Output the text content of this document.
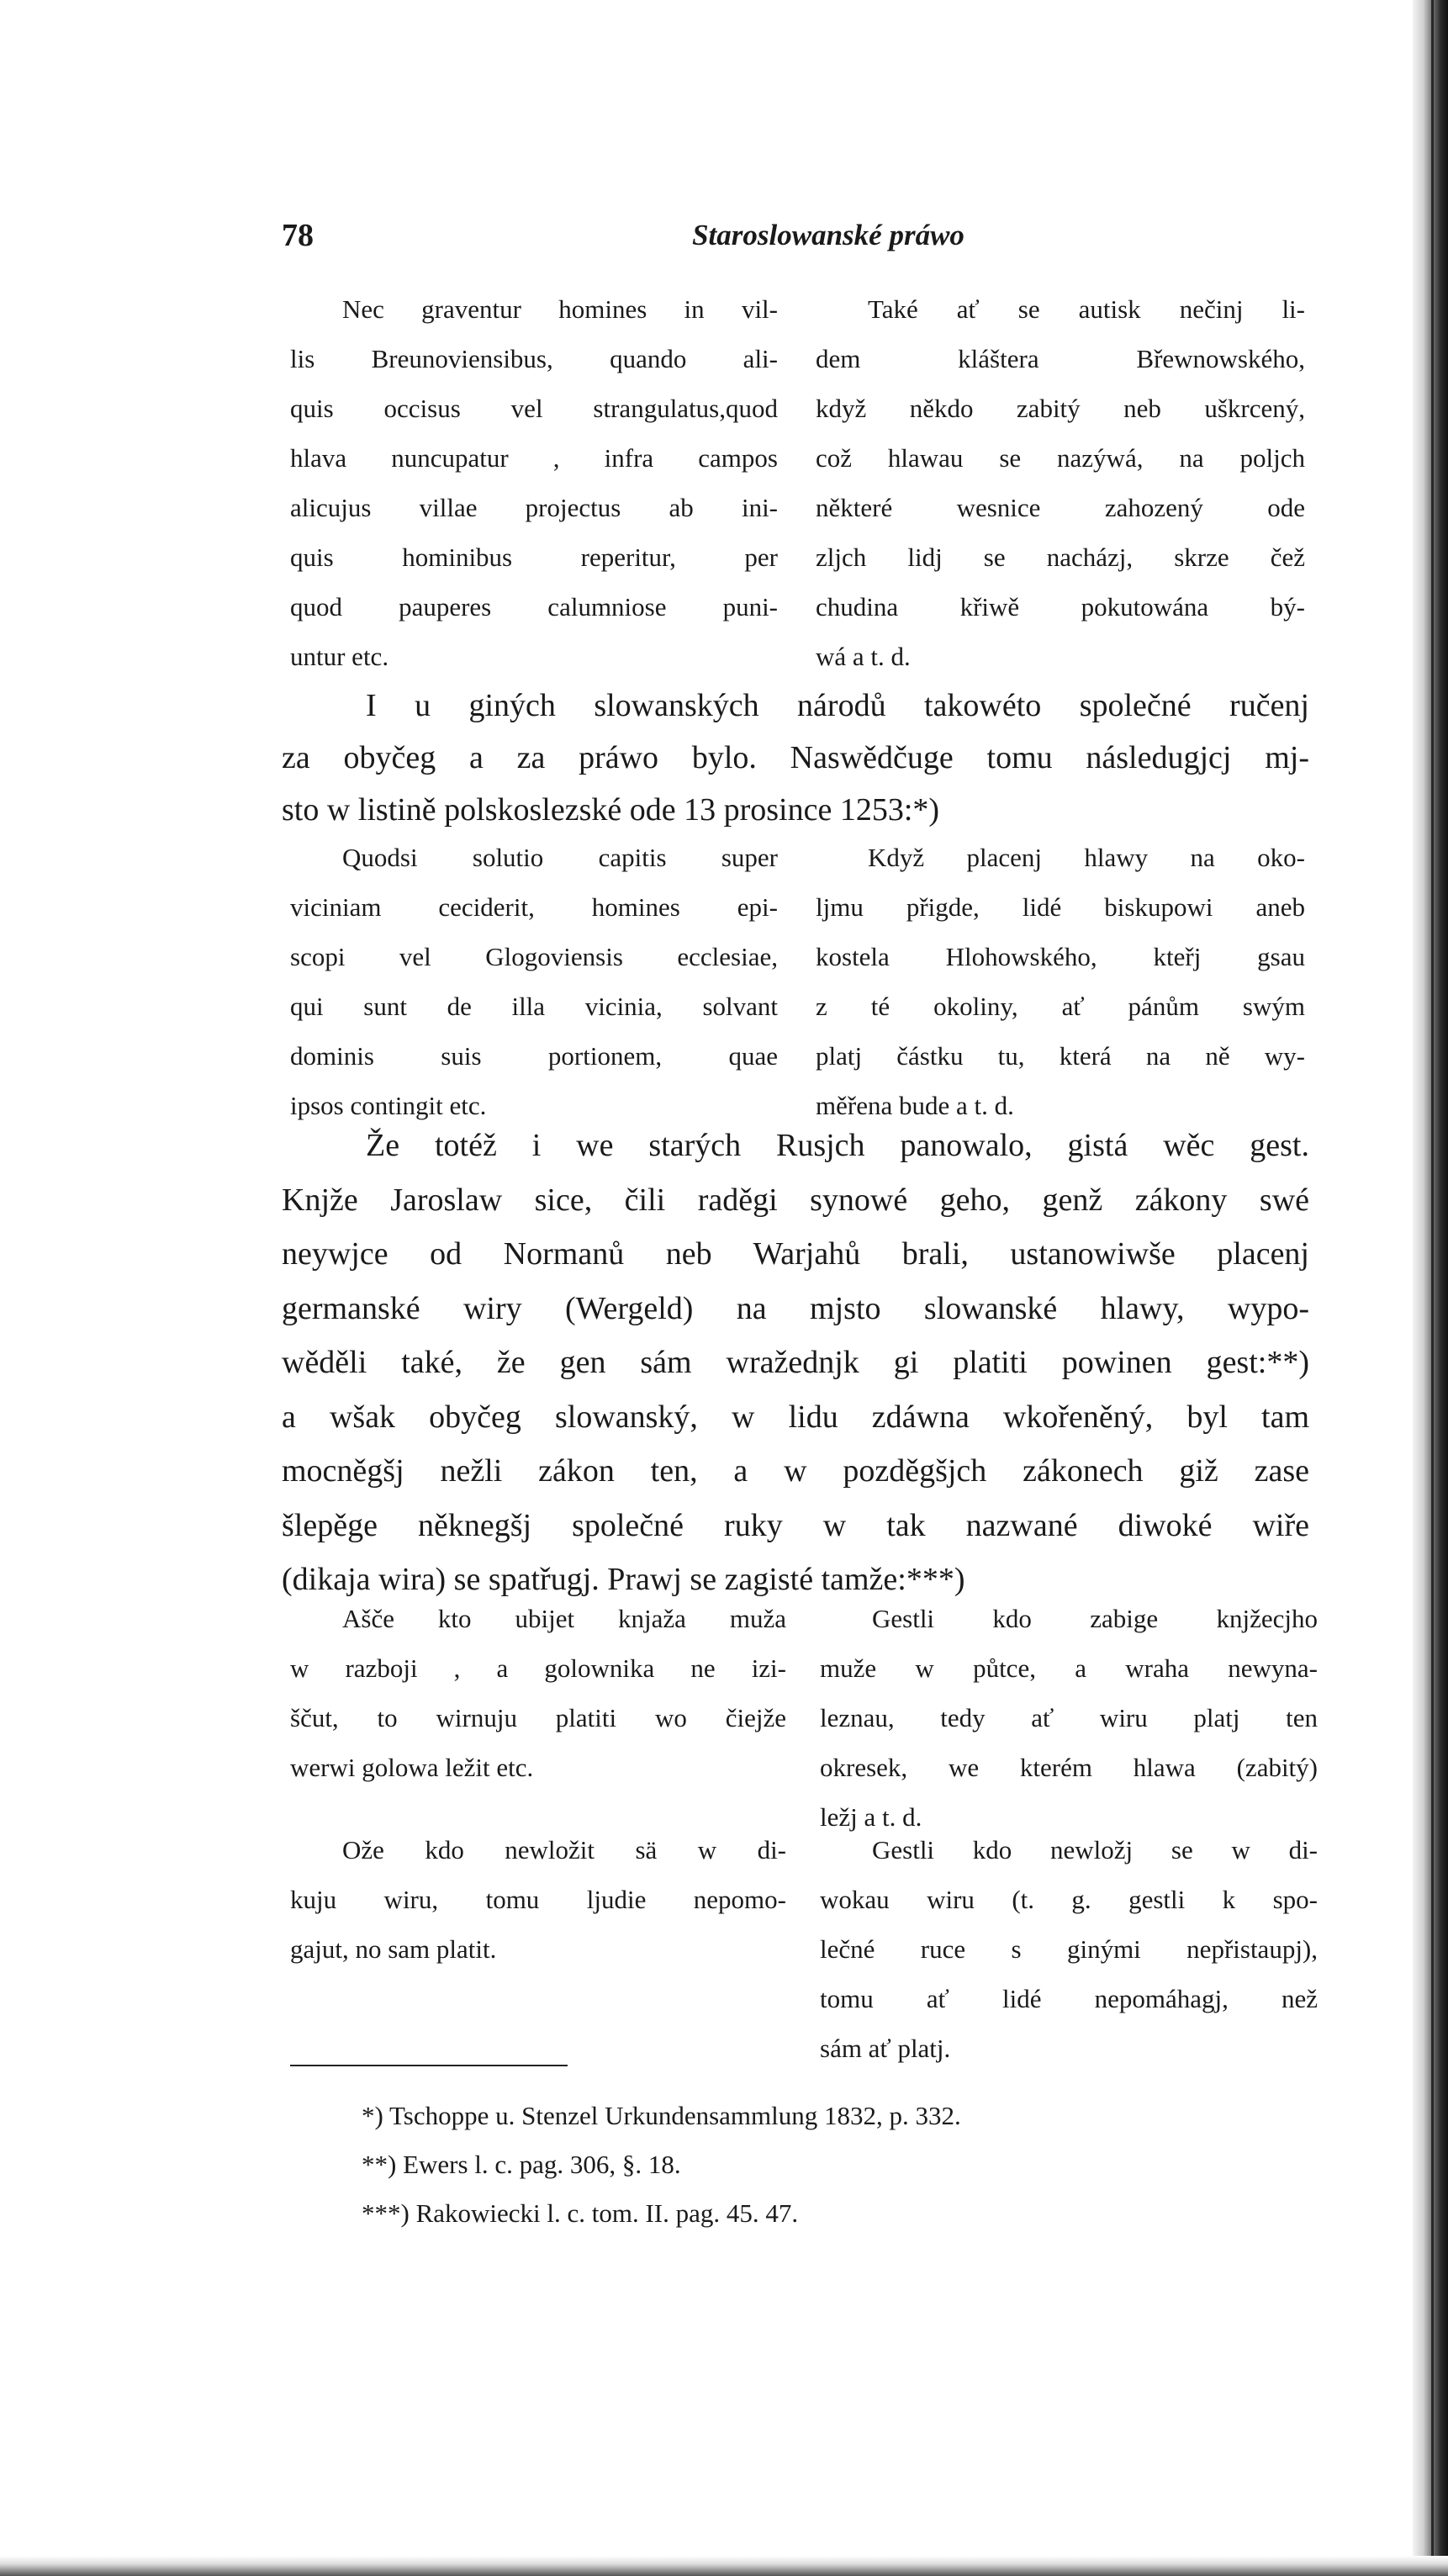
78	Staroslowanské práwo
Nec graventur homines in vil-
lis Breunoviensibus, quando ali-
quis occisus vel strangulatus,quod
hlava nuncupatur , infra campos
alicujus villae projectus ab ini-
quis hominibus reperitur, per
quod pauperes calumniose puni-
untur etc.
Také ať se autisk nečinj li-
dem kláštera Břewnowského,
když někdo zabitý neb uškrcený,
což hlawau se nazýwá, na poljch
některé wesnice zahozený ode
zljch lidj se nacházj, skrze čež
chudina křiwě pokutowána bý-
wá a t. d.
I u giných slowanských národů takowéto společné ručenj
za obyčeg a za práwo bylo. Naswědčuge tomu následugjcj mj-
sto w listině polskoslezské ode 13 prosince 1253:*)
Quodsi solutio capitis super
viciniam ceciderit, homines epi-
scopi vel Glogoviensis ecclesiae,
qui sunt de illa vicinia, solvant
dominis suis portionem, quae
ipsos contingit etc.
Když placenj hlawy na oko-
ljmu přigde, lidé biskupowi aneb
kostela Hlohowského, kteřj gsau
z té okoliny, ať pánům swým
platj částku tu, která na ně wy-
měřena bude a t. d.
Že totéž i we starých Rusjch panowalo, gistá wěc gest.
Knjže Jaroslaw sice, čili raděgi synowé geho, genž zákony swé
neywjce od Normanů neb Warjahů brali, ustanowiwše placenj
germanské wiry (Wergeld) na mjsto slowanské hlawy, wypo-
wěděli také, že gen sám wražednjk gi platiti powinen gest:**)
a wšak obyčeg slowanský, w lidu zdáwna wkořeněný, byl tam
mocněgšj nežli zákon ten, a w pozděgšjch zákonech giž zase
šlepěge něknegšj společné ruky w tak nazwané diwoké wiře
(dikaja wira) se spatřugj. Prawj se zagisté tamže:***)
Ašče kto ubijet knjaža muža
w razboji , a golownika ne izi-
ščut, to wirnuju platiti wo čiejže
werwi golowa ležit etc.
Gestli kdo zabige knjžecjho
muže w půtce, a wraha newyna-
leznau, tedy ať wiru platj ten
okresek, we kterém hlawa (zabitý)
ležj a t. d.
Ože kdo newložit sä w di-
kuju wiru, tomu ljudie nepomo-
gajut, no sam platit.
Gestli kdo newložj se w di-
wokau wiru (t. g. gestli k spo-
lečné ruce s ginými nepřistaupj),
tomu ať lidé nepomáhagj, než
sám ať platj.
*) Tschoppe u. Stenzel Urkundensammlung 1832, p. 332.
**) Ewers l. c. pag. 306, §. 18.
***) Rakowiecki l. c. tom. II. pag. 45. 47.
